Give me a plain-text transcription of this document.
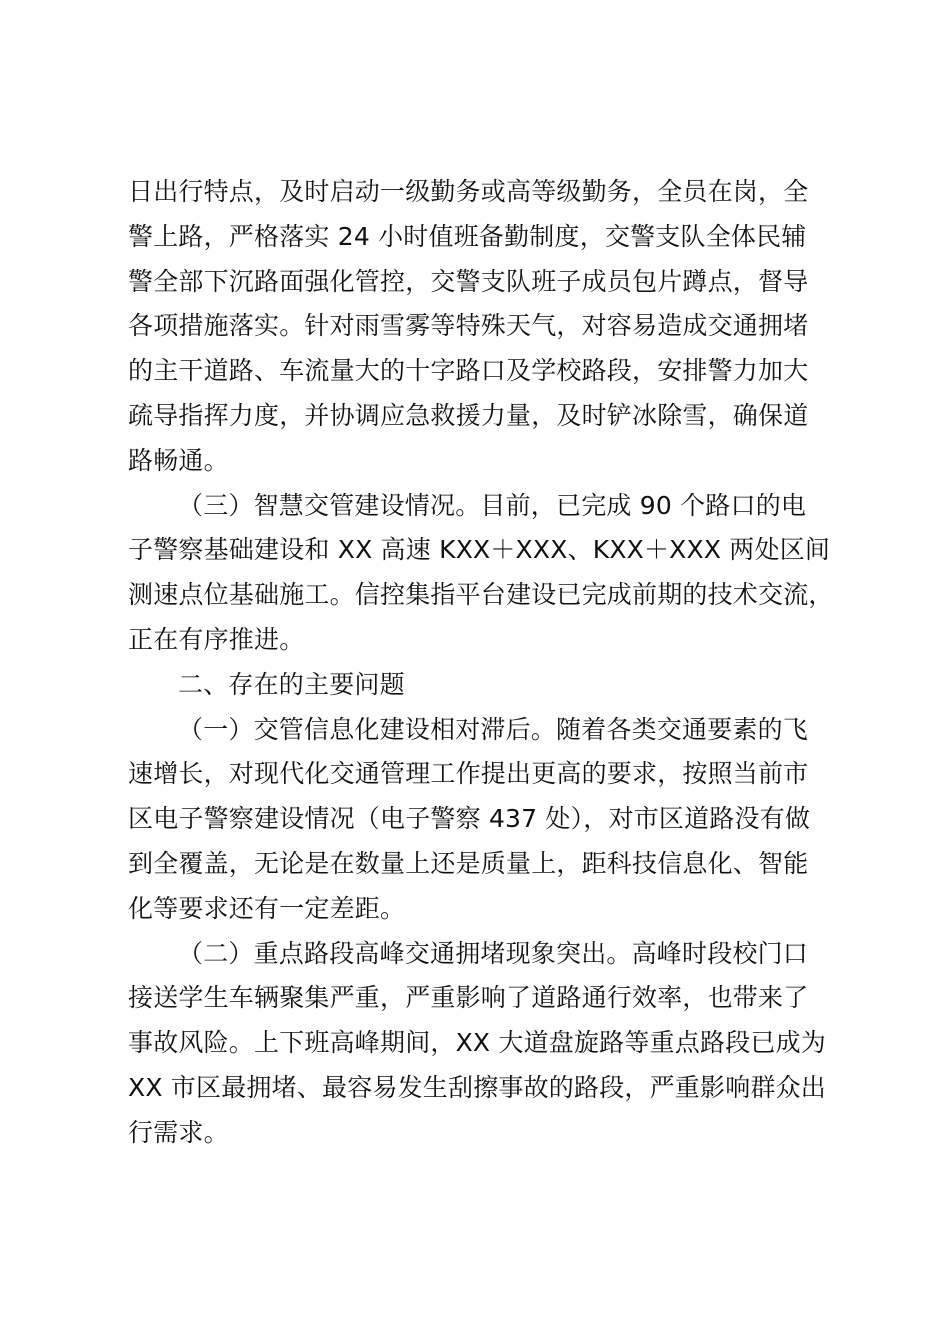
日出行特点，及时启动一级勤务或高等级勤务，全员在岗，全
警上路，严格落实 24 小时值班备勤制度，交警支队全体民辅
警全部下沉路面强化管控，交警支队班子成员包片蹲点，督导
各项措施落实。针对雨雪雾等特殊天气，对容易造成交通拥堵
的主干道路、车流量大的十字路口及学校路段，安排警力加大
疏导指挥力度，并协调应急救援力量，及时铲冰除雪，确保道
路畅通。
（三）智慧交管建设情况。目前，已完成 90 个路口的电
子警察基础建设和 XX 高速 KXX＋XXX、KXX＋XXX 两处区间
测速点位基础施工。信控集指平台建设已完成前期的技术交流，
正在有序推进。
二、存在的主要问题
（一）交管信息化建设相对滞后。随着各类交通要素的飞
速增长，对现代化交通管理工作提出更高的要求，按照当前市
区电子警察建设情况（电子警察 437 处），对市区道路没有做
到全覆盖，无论是在数量上还是质量上，距科技信息化、智能
化等要求还有一定差距。
（二）重点路段高峰交通拥堵现象突出。高峰时段校门口
接送学生车辆聚集严重，严重影响了道路通行效率，也带来了
事故风险。上下班高峰期间，XX 大道盘旋路等重点路段已成为
XX 市区最拥堵、最容易发生刮擦事故的路段，严重影响群众出
行需求。
